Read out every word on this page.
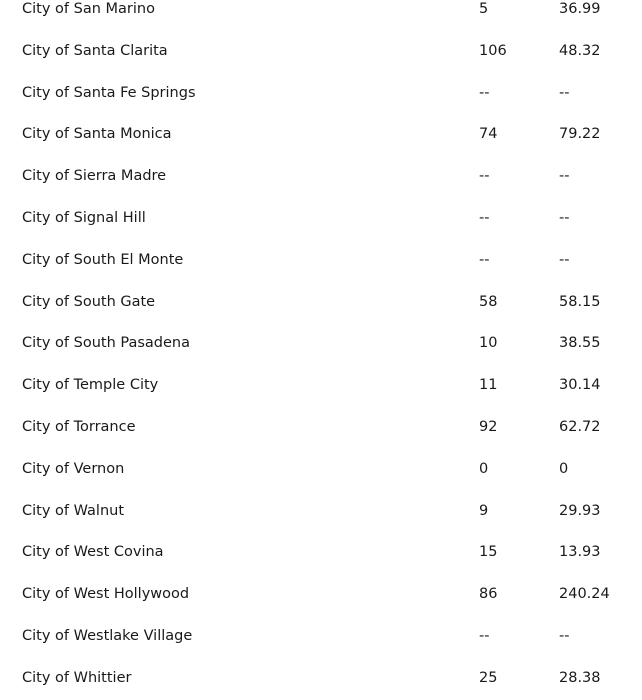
City of San Marino	5	36.99
City of Santa Clarita	106	48.32
City of Santa Fe Springs	--	--
City of Santa Monica	74	79.22
City of Sierra Madre	--	--
City of Signal Hill	--	--
City of South El Monte	--	--
City of South Gate	58	58.15
City of South Pasadena	10	38.55
City of Temple City	11	30.14
City of Torrance	92	62.72
City of Vernon	0	0
City of Walnut	9	29.93
City of West Covina	15	13.93
City of West Hollywood	86	240.24
City of Westlake Village	--	--
City of Whittier	25	28.38
